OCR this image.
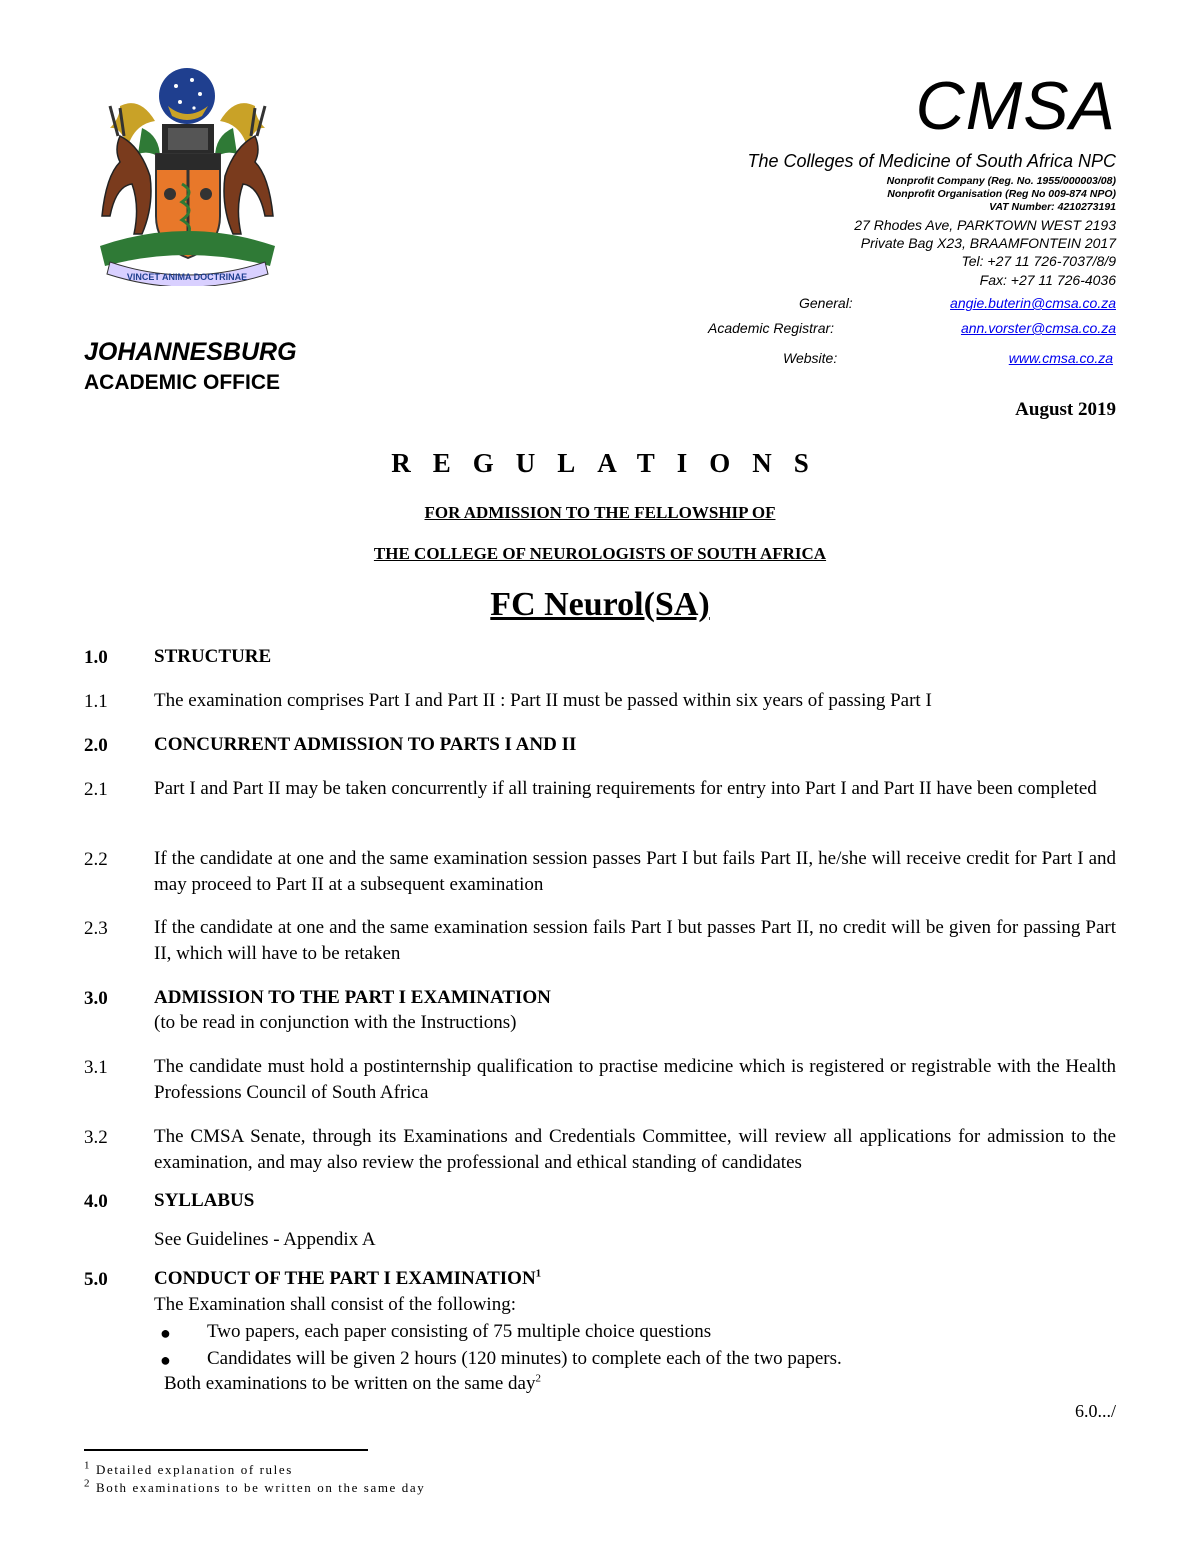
VINCET ANIMA DOCTRINAE
CMSA
The Colleges of Medicine of South Africa NPC
Nonprofit Company (Reg. No. 1955/000003/08)
Nonprofit Organisation (Reg No 009-874 NPO)
VAT Number: 4210273191
27 Rhodes Ave, PARKTOWN WEST 2193
Private Bag X23, BRAAMFONTEIN 2017
Tel: +27 11 726-7037/8/9
Fax: +27 11 726-4036
General:	angie.buterin@cmsa.co.za
Academic Registrar:	ann.vorster@cmsa.co.za
Website:	www.cmsa.co.za
JOHANNESBURG
ACADEMIC OFFICE
August 2019
REGULATIONS
FOR ADMISSION TO THE FELLOWSHIP OF
THE COLLEGE OF NEUROLOGISTS OF SOUTH AFRICA
FC Neurol(SA)
1.0 STRUCTURE
1.1 The examination comprises Part I and Part II : Part II must be passed within six years of passing Part I
2.0 CONCURRENT ADMISSION TO PARTS I AND II
2.1 Part I and Part II may be taken concurrently if all training requirements for entry into Part I and Part II have been completed
2.2 If the candidate at one and the same examination session passes Part I but fails Part II, he/she will receive credit for Part I and may proceed to Part II at a subsequent examination
2.3 If the candidate at one and the same examination session fails Part I but passes Part II, no credit will be given for passing Part II, which will have to be retaken
3.0 ADMISSION TO THE PART I EXAMINATION
(to be read in conjunction with the Instructions)
3.1 The candidate must hold a postinternship qualification to practise medicine which is registered or registrable with the Health Professions Council of South Africa
3.2 The CMSA Senate, through its Examinations and Credentials Committee, will review all applications for admission to the examination, and may also review the professional and ethical standing of candidates
4.0 SYLLABUS
See Guidelines - Appendix A
5.0 CONDUCT OF THE PART I EXAMINATION$^1$
The Examination shall consist of the following:
● Two papers, each paper consisting of 75 multiple choice questions
● Candidates will be given 2 hours (120 minutes) to complete each of the two papers.
Both examinations to be written on the same day$^2$
6.0.../
$^1$ Detailed explanation of rules
$^2$ Both examinations to be written on the same day
